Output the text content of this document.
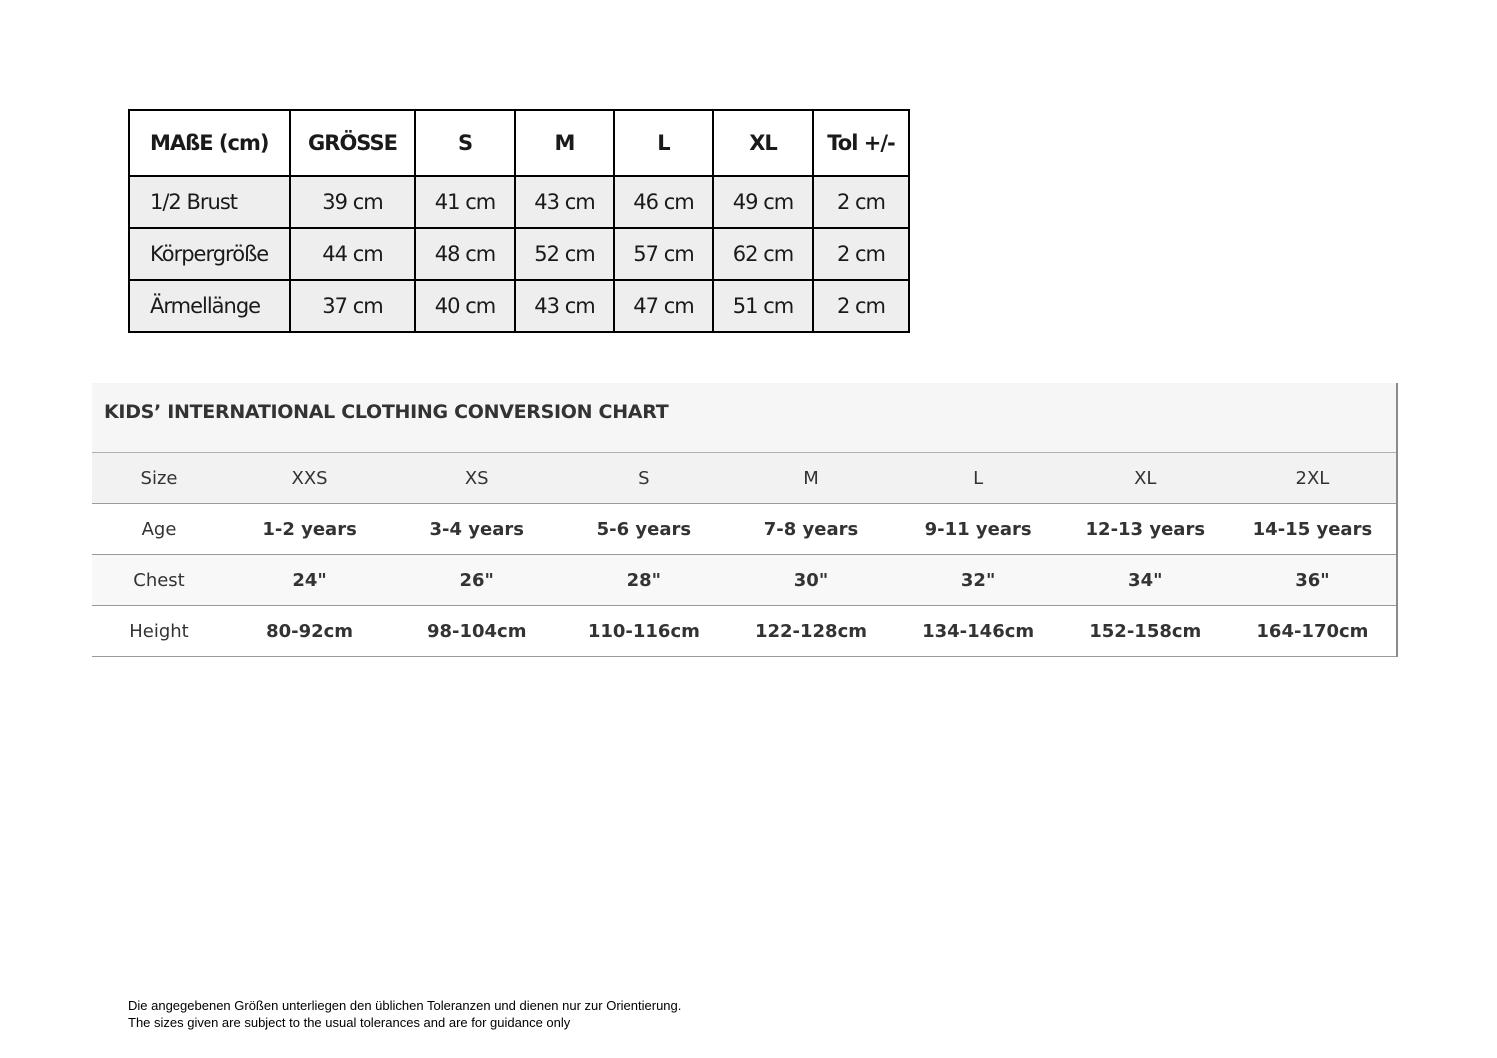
MAßE (cm)	GRÖSSE	S	M	L	XL	Tol +/-
1/2 Brust	39 cm	41 cm	43 cm	46 cm	49 cm	2 cm
Körpergröße	44 cm	48 cm	52 cm	57 cm	62 cm	2 cm
Ärmellänge	37 cm	40 cm	43 cm	47 cm	51 cm	2 cm
KIDS’ INTERNATIONAL CLOTHING CONVERSION CHART
Size	XXS	XS	S	M	L	XL	2XL
Age	1-2 years	3-4 years	5-6 years	7-8 years	9-11 years	12-13 years	14-15 years
Chest	24"	26"	28"	30"	32"	34"	36"
Height	80-92cm	98-104cm	110-116cm	122-128cm	134-146cm	152-158cm	164-170cm
Die angegebenen Größen unterliegen den üblichen Toleranzen und dienen nur zur Orientierung.
The sizes given are subject to the usual tolerances and are for guidance only
